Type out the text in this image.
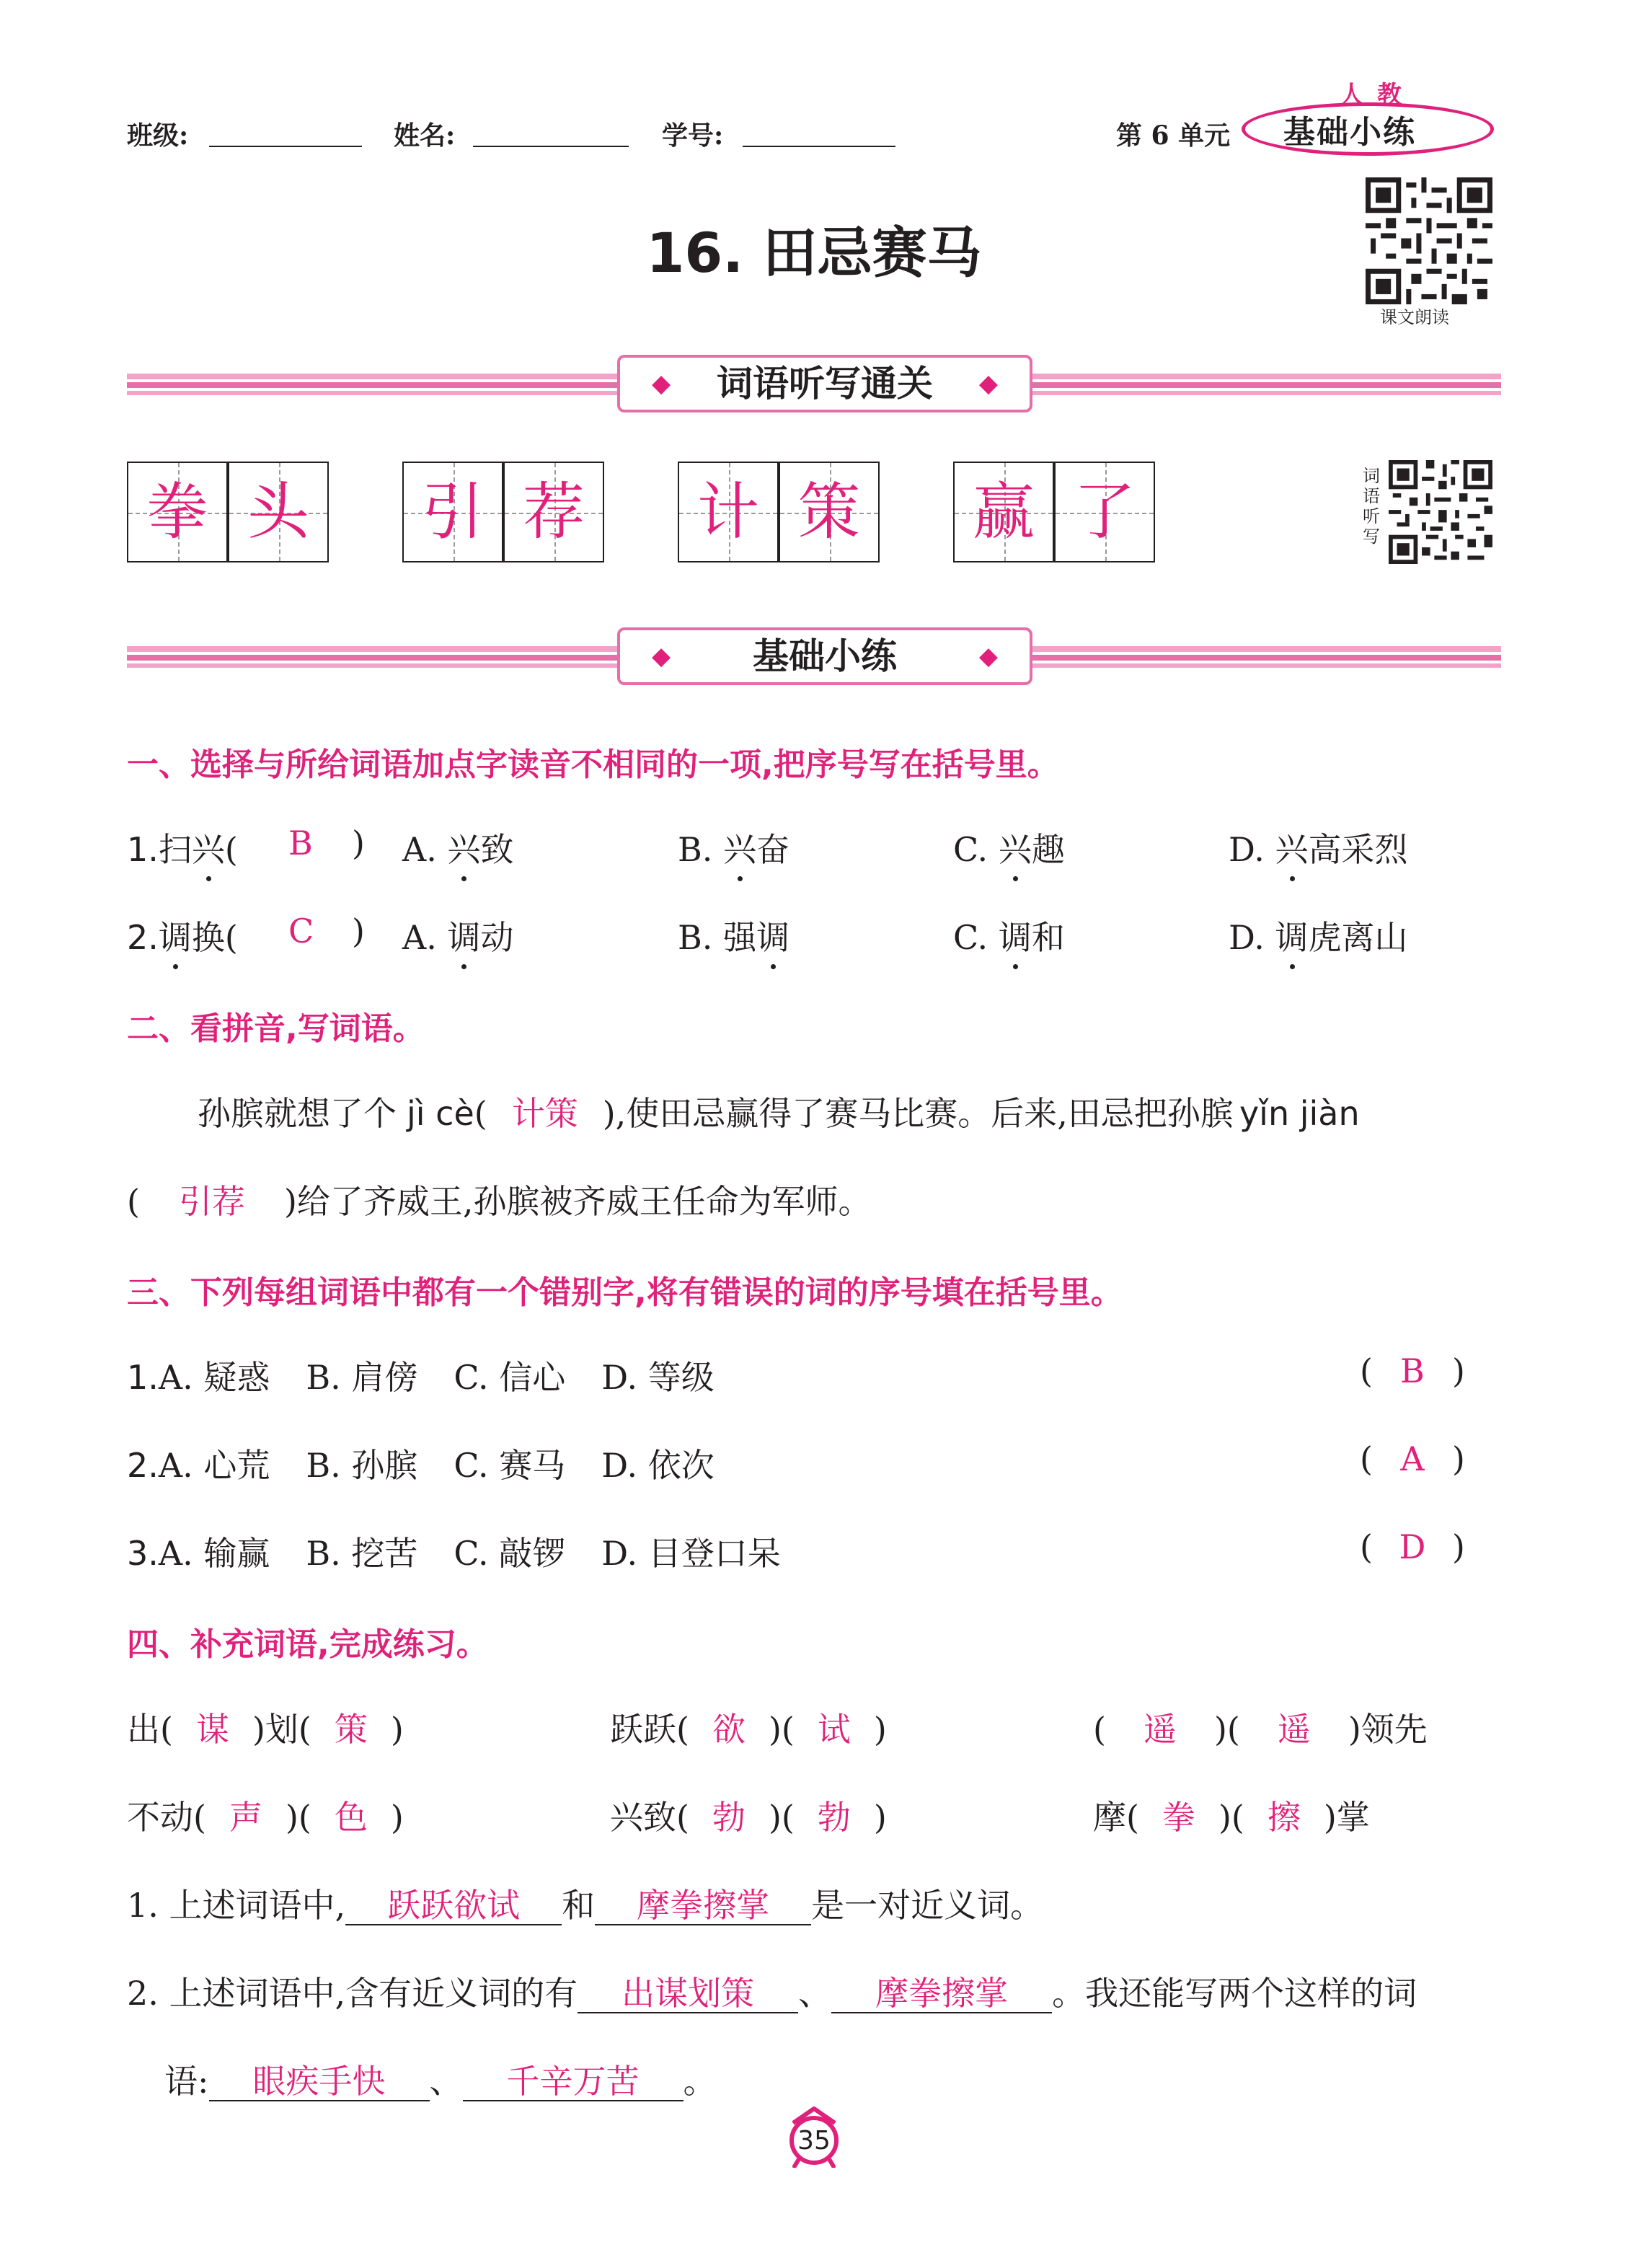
班级:	姓名:	学号:	第 6 单元
人教
基础小练
16. 田忌赛马
课文朗读
◆ 词语听写通关 ◆
拳 头 引 荐 计 策 赢 了	词
语
听
写
◆ 基础小练	◆
一、选择与所给词语加点字读音不相同的一项,把序号写在括号里。
1.扫兴( B ) A. 兴致	B. 兴奋	C. 兴趣	D. 兴高采烈
2.调换( C ) A. 调动	B. 强调	C. 调和	D. 调虎离山
二、看拼音,写词语。
孙膑就想了个 jì cè( 计策 ),使田忌赢得了赛马比赛。后来,田忌把孙膑 yǐn jiàn
( 引荐 )给了齐威王,孙膑被齐威王任命为军师。
三、下列每组词语中都有一个错别字,将有错误的词的序号填在括号里。
1.A. 疑惑 B. 肩傍 C. 信心 D. 等级	( B )
2.A. 心荒 B. 孙膑 C. 赛马 D. 依次	( A )
3.A. 输赢 B. 挖苦 C. 敲锣 D. 目登口呆	( D )
四、补充词语,完成练习。
出( 谋 )划( 策 )	跃跃( 欲 )( 试 )	( 遥 )( 遥 )领先
不动( 声 )( 色 )	兴致( 勃 )( 勃 )	摩( 拳 )( 擦 )掌
1. 上述词语中, 跃跃欲试 和 摩拳擦掌 是一对近义词。
2. 上述词语中,含有近义词的有 出谋划策 、 摩拳擦掌 。我还能写两个这样的词
语: 眼疾手快 、 千辛万苦 。
35
